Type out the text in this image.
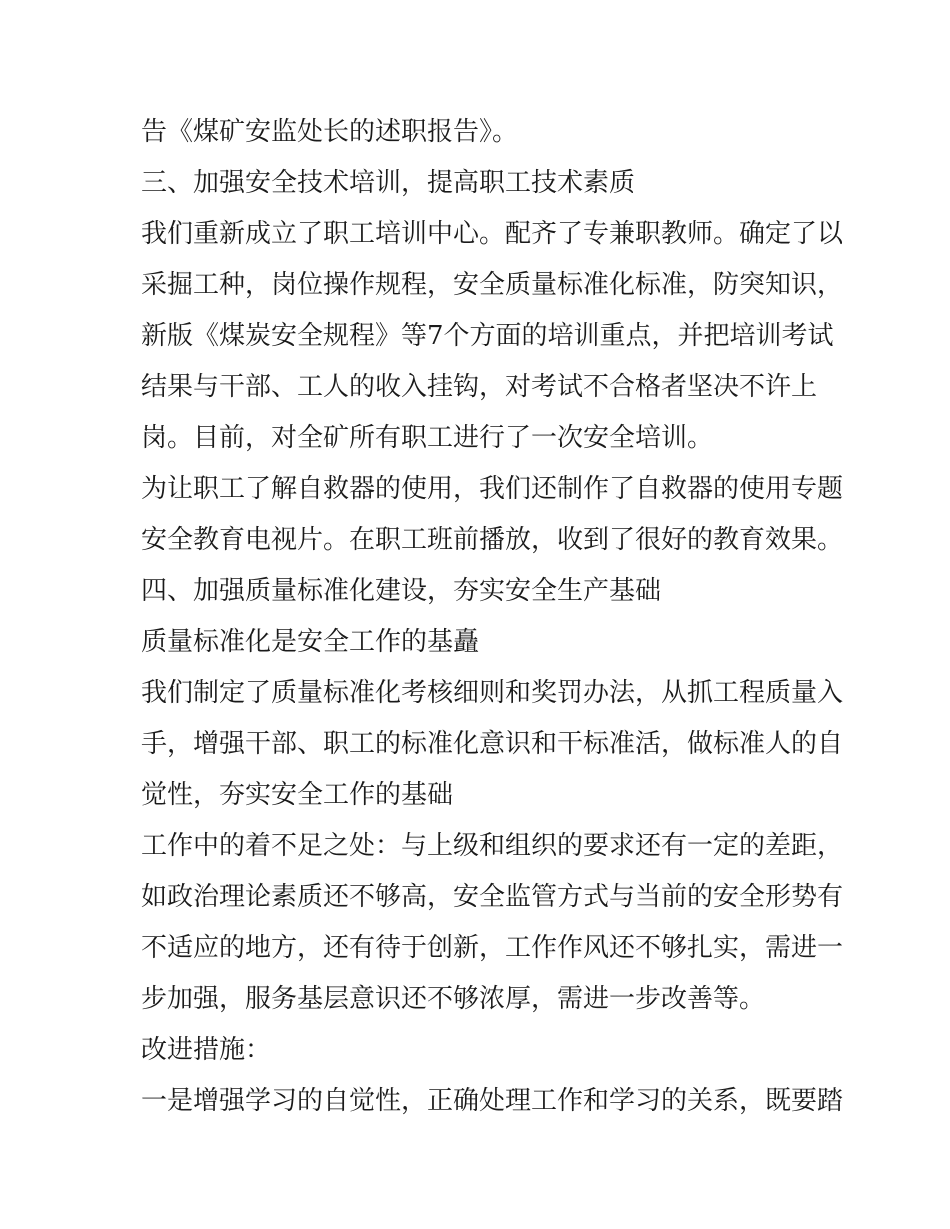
告《煤矿安监处长的述职报告》。
三、加强安全技术培训，提高职工技术素质
我们重新成立了职工培训中心。配齐了专兼职教师。确定了以
采掘工种，岗位操作规程，安全质量标准化标准，防突知识，
新版《煤炭安全规程》等7个方面的培训重点，并把培训考试
结果与干部、工人的收入挂钩，对考试不合格者坚决不许上
岗。目前，对全矿所有职工进行了一次安全培训。
为让职工了解自救器的使用，我们还制作了自救器的使用专题
安全教育电视片。在职工班前播放，收到了很好的教育效果。
四、加强质量标准化建设，夯实安全生产基础
质量标准化是安全工作的基矗
我们制定了质量标准化考核细则和奖罚办法，从抓工程质量入
手，增强干部、职工的标准化意识和干标准活，做标准人的自
觉性，夯实安全工作的基础
工作中的着不足之处：与上级和组织的要求还有一定的差距，
如政治理论素质还不够高，安全监管方式与当前的安全形势有
不适应的地方，还有待于创新，工作作风还不够扎实，需进一
步加强，服务基层意识还不够浓厚，需进一步改善等。
改进措施：
一是增强学习的自觉性，正确处理工作和学习的关系，既要踏
